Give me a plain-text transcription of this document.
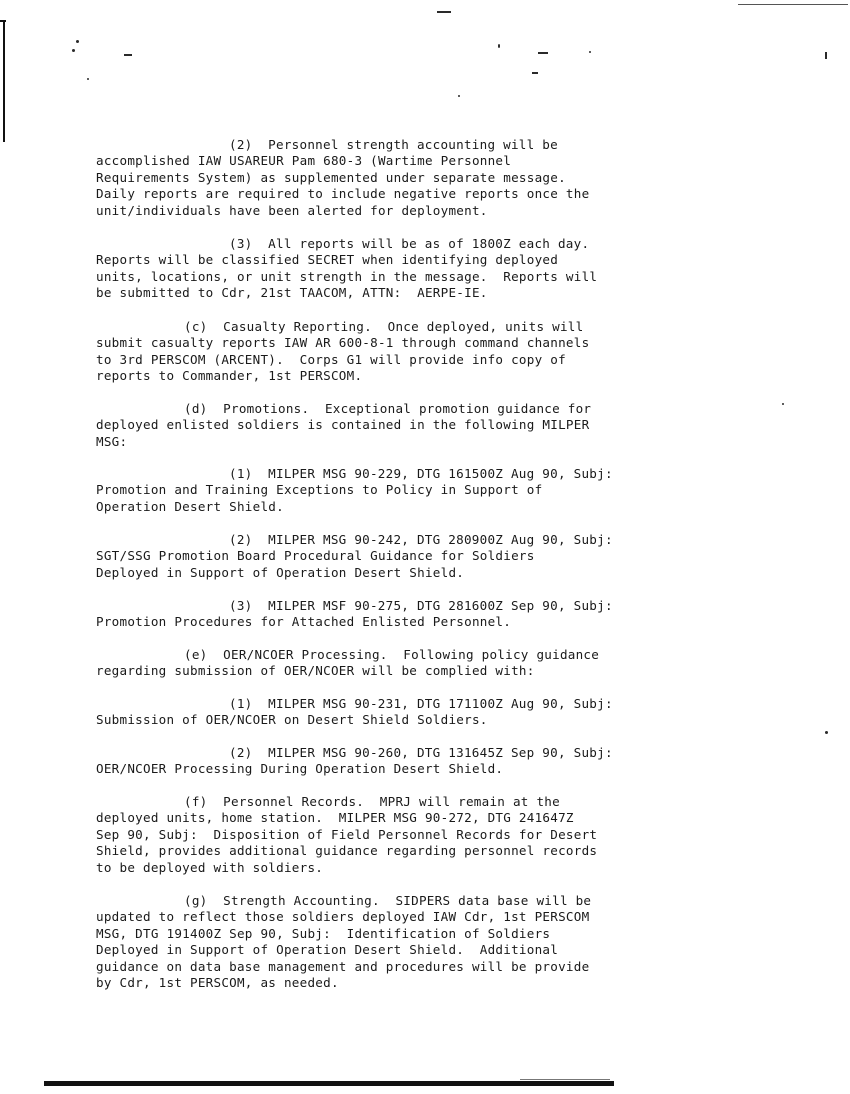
(2)  Personnel strength accounting will be
accomplished IAW USAREUR Pam 680-3 (Wartime Personnel
Requirements System) as supplemented under separate message.
Daily reports are required to include negative reports once the
unit/individuals have been alerted for deployment.
(3)  All reports will be as of 1800Z each day.
Reports will be classified SECRET when identifying deployed
units, locations, or unit strength in the message.  Reports will
be submitted to Cdr, 21st TAACOM, ATTN:  AERPE-IE.
(c)  Casualty Reporting.  Once deployed, units will
submit casualty reports IAW AR 600-8-1 through command channels
to 3rd PERSCOM (ARCENT).  Corps G1 will provide info copy of
reports to Commander, 1st PERSCOM.
(d)  Promotions.  Exceptional promotion guidance for
deployed enlisted soldiers is contained in the following MILPER
MSG:
(1)  MILPER MSG 90-229, DTG 161500Z Aug 90, Subj:
Promotion and Training Exceptions to Policy in Support of
Operation Desert Shield.
(2)  MILPER MSG 90-242, DTG 280900Z Aug 90, Subj:
SGT/SSG Promotion Board Procedural Guidance for Soldiers
Deployed in Support of Operation Desert Shield.
(3)  MILPER MSF 90-275, DTG 281600Z Sep 90, Subj:
Promotion Procedures for Attached Enlisted Personnel.
(e)  OER/NCOER Processing.  Following policy guidance
regarding submission of OER/NCOER will be complied with:
(1)  MILPER MSG 90-231, DTG 171100Z Aug 90, Subj:
Submission of OER/NCOER on Desert Shield Soldiers.
(2)  MILPER MSG 90-260, DTG 131645Z Sep 90, Subj:
OER/NCOER Processing During Operation Desert Shield.
(f)  Personnel Records.  MPRJ will remain at the
deployed units, home station.  MILPER MSG 90-272, DTG 241647Z
Sep 90, Subj:  Disposition of Field Personnel Records for Desert
Shield, provides additional guidance regarding personnel records
to be deployed with soldiers.
(g)  Strength Accounting.  SIDPERS data base will be
updated to reflect those soldiers deployed IAW Cdr, 1st PERSCOM
MSG, DTG 191400Z Sep 90, Subj:  Identification of Soldiers
Deployed in Support of Operation Desert Shield.  Additional
guidance on data base management and procedures will be provide
by Cdr, 1st PERSCOM, as needed.
